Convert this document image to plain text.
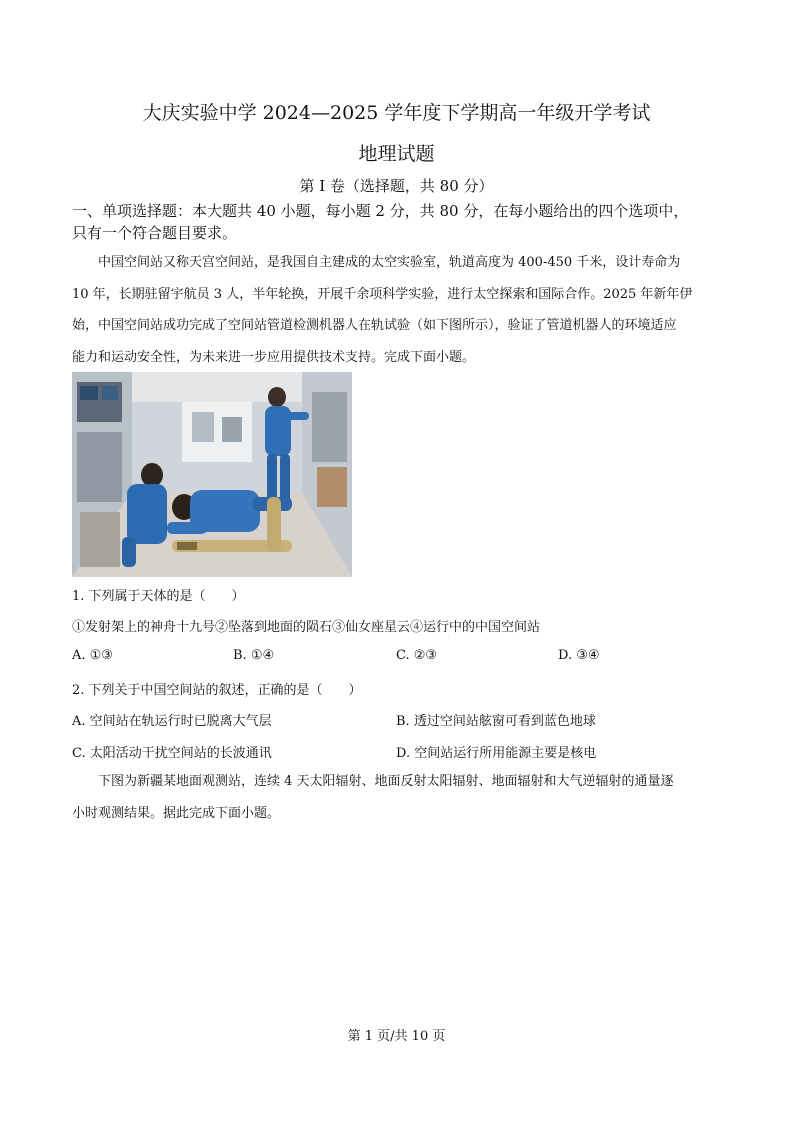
大庆实验中学 2024—2025 学年度下学期高一年级开学考试
地理试题
第 I 卷（选择题，共 80 分）
一、单项选择题：本大题共 40 小题，每小题 2 分，共 80 分，在每小题给出的四个选项中，
只有一个符合题目要求。
中国空间站又称天宫空间站，是我国自主建成的太空实验室，轨道高度为 400-450 千米，设计寿命为
10 年，长期驻留宇航员 3 人，半年轮换，开展千余项科学实验，进行太空探索和国际合作。2025 年新年伊
始，中国空间站成功完成了空间站管道检测机器人在轨试验（如下图所示），验证了管道机器人的环境适应
能力和运动安全性，为未来进一步应用提供技术支持。完成下面小题。
1. 下列属于天体的是（　　）
①发射架上的神舟十九号②坠落到地面的陨石③仙女座星云④运行中的中国空间站
A. ①③	B. ①④	C. ②③	D. ③④
2. 下列关于中国空间站的叙述，正确的是（　　）
A. 空间站在轨运行时已脱离大气层	B. 透过空间站舷窗可看到蓝色地球
C. 太阳活动干扰空间站的长波通讯	D. 空间站运行所用能源主要是核电
下图为新疆某地面观测站，连续 4 天太阳辐射、地面反射太阳辐射、地面辐射和大气逆辐射的通量逐
小时观测结果。据此完成下面小题。
第 1 页/共 10 页
